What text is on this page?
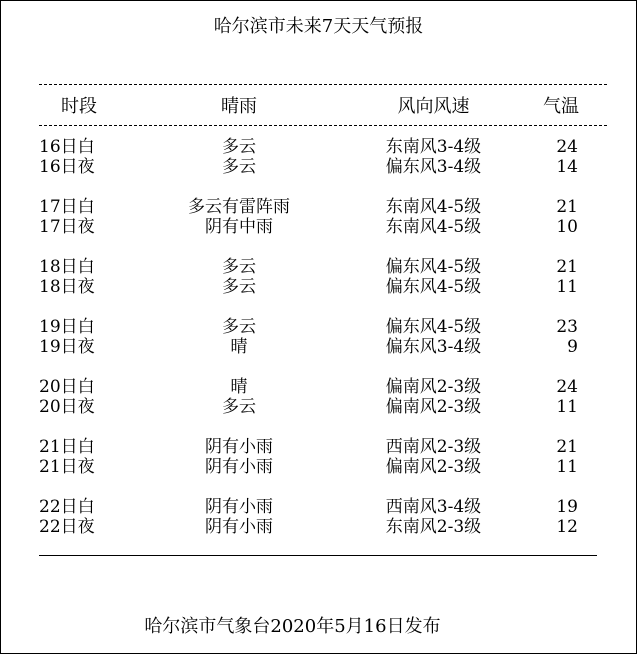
哈尔滨市未来7天天气预报
时段	晴雨	风向风速	气温
16日白	多云	东南风3-4级	24
16日夜	多云	偏东风3-4级	14
17日白	多云有雷阵雨	东南风4-5级	21
17日夜	阴有中雨	东南风4-5级	10
18日白	多云	偏东风4-5级	21
18日夜	多云	偏东风4-5级	11
19日白	多云	偏东风4-5级	23
19日夜	晴	偏东风3-4级	9
20日白	晴	偏南风2-3级	24
20日夜	多云	偏南风2-3级	11
21日白	阴有小雨	西南风2-3级	21
21日夜	阴有小雨	偏南风2-3级	11
22日白	阴有小雨	西南风3-4级	19
22日夜	阴有小雨	东南风2-3级	12
哈尔滨市气象台2020年5月16日发布
